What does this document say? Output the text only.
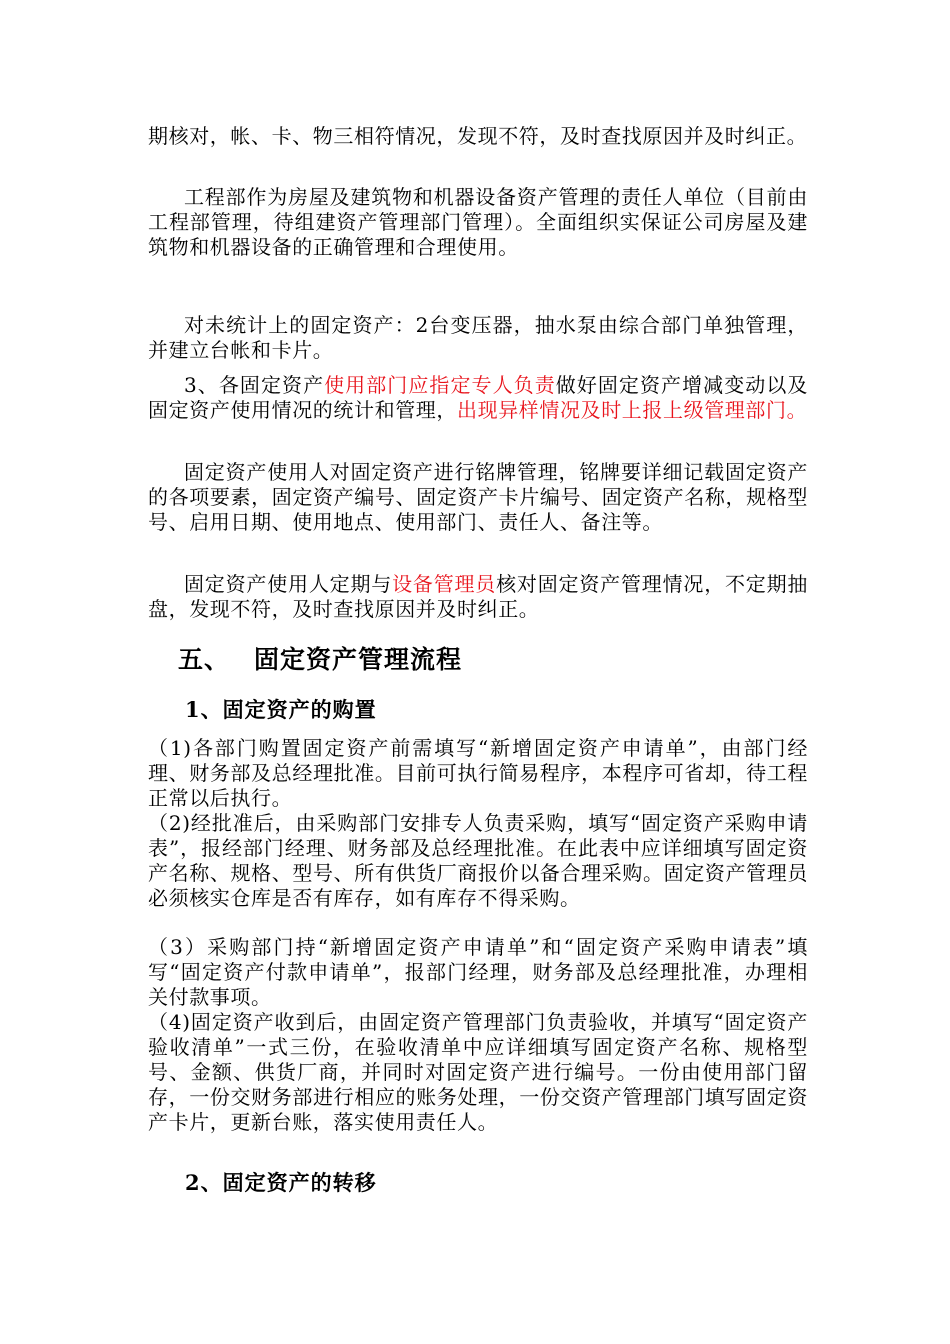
期核对，帐、卡、物三相符情况，发现不符，及时查找原因并及时纠正。

工程部作为房屋及建筑物和机器设备资产管理的责任人单位（目前由工程部管理，待组建资产管理部门管理）。全面组织实保证公司房屋及建筑物和机器设备的正确管理和合理使用。

对未统计上的固定资产：2台变压器，抽水泵由综合部门单独管理，并建立台帐和卡片。

3、各固定资产使用部门应指定专人负责做好固定资产增减变动以及固定资产使用情况的统计和管理，出现异样情况及时上报上级管理部门。

固定资产使用人对固定资产进行铭牌管理，铭牌要详细记载固定资产的各项要素，固定资产编号、固定资产卡片编号、固定资产名称，规格型号、启用日期、使用地点、使用部门、责任人、备注等。

固定资产使用人定期与设备管理员核对固定资产管理情况，不定期抽盘，发现不符，及时查找原因并及时纠正。

五、 固定资产管理流程
1、固定资产的购置

（1)各部门购置固定资产前需填写“新增固定资产申请单”，由部门经理、财务部及总经理批准。目前可执行简易程序，本程序可省却，待工程正常以后执行。

（2)经批准后，由采购部门安排专人负责采购，填写“固定资产采购申请表”，报经部门经理、财务部及总经理批准。在此表中应详细填写固定资产名称、规格、型号、所有供货厂商报价以备合理采购。固定资产管理员必须核实仓库是否有库存，如有库存不得采购。

（3）采购部门持“新增固定资产申请单”和“固定资产采购申请表”填写“固定资产付款申请单”，报部门经理，财务部及总经理批准，办理相关付款事项。

（4)固定资产收到后，由固定资产管理部门负责验收，并填写“固定资产验收清单”一式三份，在验收清单中应详细填写固定资产名称、规格型号、金额、供货厂商，并同时对固定资产进行编号。一份由使用部门留存，一份交财务部进行相应的账务处理，一份交资产管理部门填写固定资产卡片，更新台账，落实使用责任人。

2、固定资产的转移
